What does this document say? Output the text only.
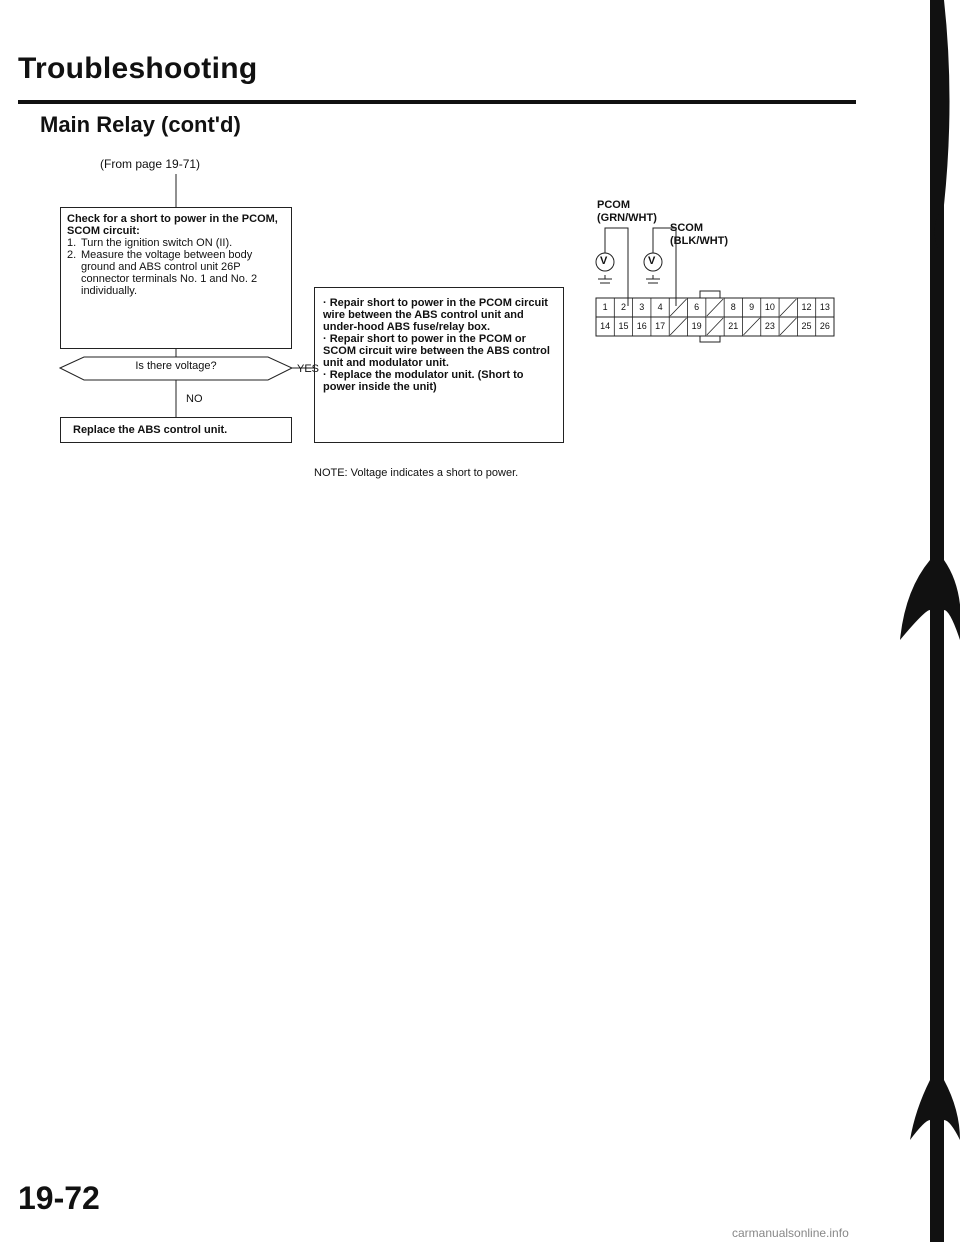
Troubleshooting
Main Relay (cont'd)
(From page 19-71)
Check for a short to power in the PCOM, SCOM circuit:
1. Turn the ignition switch ON (II).
2. Measure the voltage between body ground and ABS control unit 26P connector terminals No. 1 and No. 2 individually.
Is there voltage?	YES
NO
Replace the ABS control unit.
· Repair short to power in the PCOM circuit wire between the ABS control unit and under-hood ABS fuse/relay box.
· Repair short to power in the PCOM or SCOM circuit wire between the ABS control unit and modulator unit.
· Replace the modulator unit. (Short to power inside the unit)
NOTE: Voltage indicates a short to power.
PCOM
(GRN/WHT)
SCOM
(BLK/WHT)
19-72
carmanualsonline.info
V	V
1	2	3	4	6	8	9	10	12 13
14 15 16 17	19	21	23	25 26
